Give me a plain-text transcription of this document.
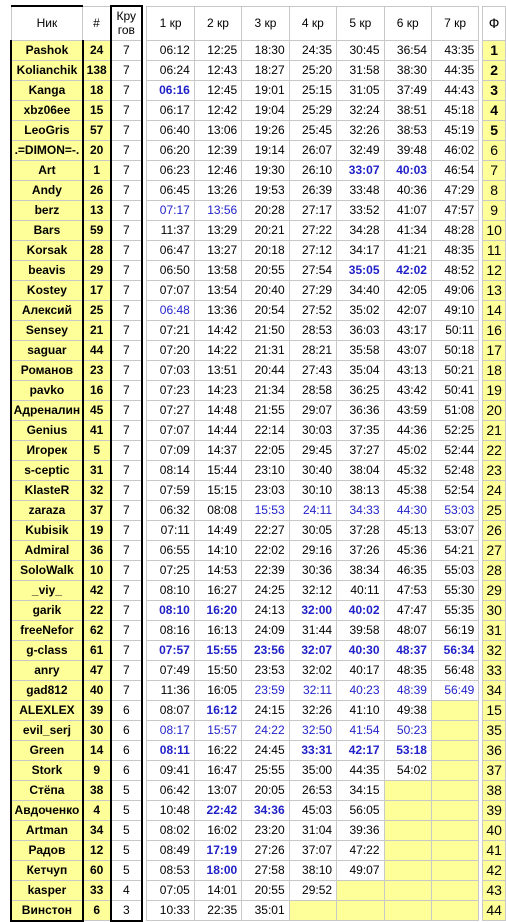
Ник	#	Кру
гов		1 кр	2 кр	3 кр	4 кр	5 кр	6 кр	7 кр		Ф
Pashok	24	7		06:12	12:25	18:30	24:35	30:45	36:54	43:35		1
Kolianchik	138	7		06:24	12:43	18:27	25:20	31:58	38:30	44:35		2
Kanga	18	7		06:16	12:45	19:01	25:15	31:05	37:49	44:43		3
xbz06ee	15	7		06:17	12:42	19:04	25:29	32:24	38:51	45:18		4
LeoGris	57	7		06:40	13:06	19:26	25:45	32:26	38:53	45:19		5
.=DIMON=-.	20	7		06:20	12:39	19:14	26:07	32:49	39:48	46:02		6
Art	1	7		06:23	12:46	19:30	26:10	33:07	40:03	46:54		7
Andy	26	7		06:45	13:26	19:53	26:39	33:48	40:36	47:29		8
berz	13	7		07:17	13:56	20:28	27:17	33:52	41:07	47:57		9
Bars	59	7		11:37	13:29	20:21	27:22	34:28	41:34	48:28		10
Korsak	28	7		06:47	13:27	20:18	27:12	34:17	41:21	48:35		11
beavis	29	7		06:50	13:58	20:55	27:54	35:05	42:02	48:52		12
Kostey	17	7		07:07	13:54	20:40	27:29	34:40	42:05	49:06		13
Алексий	25	7		06:48	13:36	20:54	27:52	35:02	42:07	49:10		14
Sensey	21	7		07:21	14:42	21:50	28:53	36:03	43:17	50:11		16
saguar	44	7		07:20	14:22	21:31	28:21	35:58	43:07	50:18		17
Романов	23	7		07:03	13:51	20:44	27:43	35:04	43:13	50:21		18
pavko	16	7		07:23	14:23	21:34	28:58	36:25	43:42	50:41		19
Адреналин	45	7		07:27	14:48	21:55	29:07	36:36	43:59	51:08		20
Genius	41	7		07:07	14:44	22:14	30:03	37:35	44:36	52:25		21
Игорек	5	7		07:09	14:37	22:05	29:45	37:27	45:02	52:44		22
s-ceptic	31	7		08:14	15:44	23:10	30:40	38:04	45:32	52:48		23
KlasteR	32	7		07:59	15:15	23:03	30:10	38:13	45:38	52:54		24
zaraza	37	7		06:32	08:08	15:53	24:11	34:33	44:30	53:03		25
Kubisik	19	7		07:11	14:49	22:27	30:05	37:28	45:13	53:07		26
Admiral	36	7		06:55	14:10	22:02	29:16	37:26	45:36	54:21		27
SoloWalk	10	7		07:25	14:53	22:39	30:36	38:34	46:35	55:03		28
_viy_	42	7		08:10	16:27	24:25	32:12	40:11	47:53	55:30		29
garik	22	7		08:10	16:20	24:13	32:00	40:02	47:47	55:35		30
freeNefor	62	7		08:16	16:13	24:09	31:44	39:58	48:07	56:19		31
g-class	61	7		07:57	15:55	23:56	32:07	40:30	48:37	56:34		32
anry	47	7		07:49	15:50	23:53	32:02	40:17	48:35	56:48		33
gad812	40	7		11:36	16:05	23:59	32:11	40:23	48:39	56:49		34
ALEXLEX	39	6		08:07	16:12	24:15	32:26	41:10	49:38			15
evil_serj	30	6		08:17	15:57	24:22	32:50	41:54	50:23			35
Green	14	6		08:11	16:22	24:45	33:31	42:17	53:18			36
Stork	9	6		09:41	16:47	25:55	35:00	44:35	54:02			37
Стёпа	38	5		06:42	13:07	20:05	26:53	34:15				38
Авдоченко	4	5		10:48	22:42	34:36	45:03	56:05				39
Artman	34	5		08:02	16:02	23:20	31:04	39:36				40
Радов	12	5		08:49	17:19	27:26	37:07	47:22				41
Кетчуп	60	5		08:53	18:00	27:58	38:10	49:07				42
kasper	33	4		07:05	14:01	20:55	29:52					43
Винстон	6	3		10:33	22:35	35:01						44
